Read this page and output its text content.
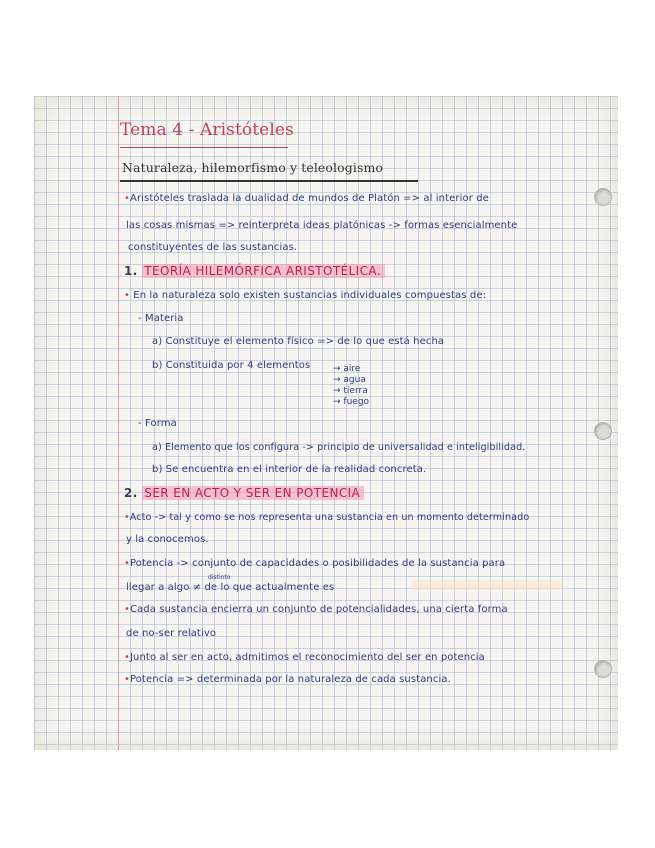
Tema 4 - Aristóteles
Naturaleza, hilemorfismo y teleologismo
•Aristóteles traslada la dualidad de mundos de Platón => al interior de
las cosas mismas => reinterpreta ideas platónicas -> formas esencialmente
constituyentes de las sustancias.
1. TEORÍA HILEMÓRFICA ARISTOTÉLICA.
• En la naturaleza solo existen sustancias individuales compuestas de:
- Materia
a) Constituye el elemento físico => de lo que está hecha
b) Constituida por 4 elementos	→ aire
→ agua
→ tierra
→ fuego
- Forma
a) Elemento que los configura -> principio de universalidad e inteligibilidad.
b) Se encuentra en el interior de la realidad concreta.
2. SER EN ACTO Y SER EN POTENCIA
•Acto -> tal y como se nos representa una sustancia en un momento determinado
y la conocemos.
•Potencia -> conjunto de capacidades o posibilidades de la sustancia para
distinto
llegar a algo ≠ de lo que actualmente es
•Cada sustancia encierra un conjunto de potencialidades, una cierta forma
de no-ser relativo
•Junto al ser en acto, admitimos el reconocimiento del ser en potencia
•Potencia => determinada por la naturaleza de cada sustancia.
